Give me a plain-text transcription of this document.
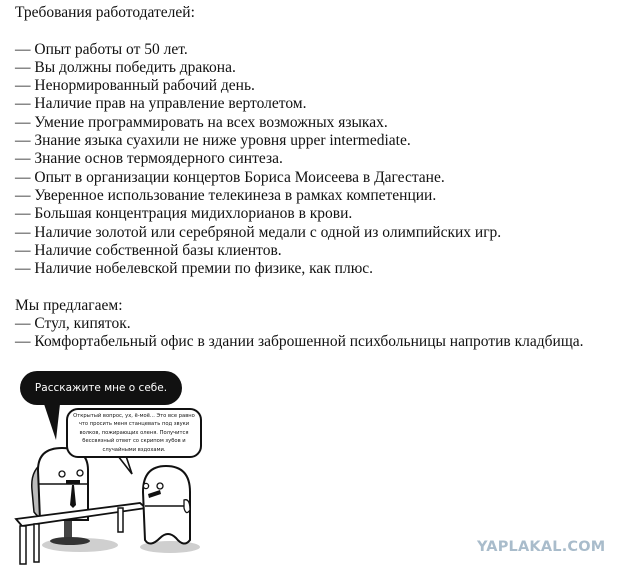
Требования работодателей:
— Опыт работы от 50 лет.
— Вы должны победить дракона.
— Ненормированный рабочий день.
— Наличие прав на управление вертолетом.
— Умение программировать на всех возможных языках.
— Знание языка суахили не ниже уровня upper intermediate.
— Знание основ термоядерного синтеза.
— Опыт в организации концертов Бориса Моисеева в Дагестане.
— Уверенное использование телекинеза в рамках компетенции.
— Большая концентрация мидихлорианов в крови.
— Наличие золотой или серебряной медали с одной из олимпийских игр.
— Наличие собственной базы клиентов.
— Наличие нобелевской премии по физике, как плюс.
Мы предлагаем:
— Стул, кипяток.
— Комфортабельный офис в здании заброшенной психбольницы напротив кладбища.
Расскажите мне о себе.
Открытый вопрос, ух, ё-моё... Это все равно что просить меня станцевать под звуки волков, пожирающих оленя. Получится бессвязный ответ со скрипом зубов и случайными вздохами.
YAPLAKAL.COM
